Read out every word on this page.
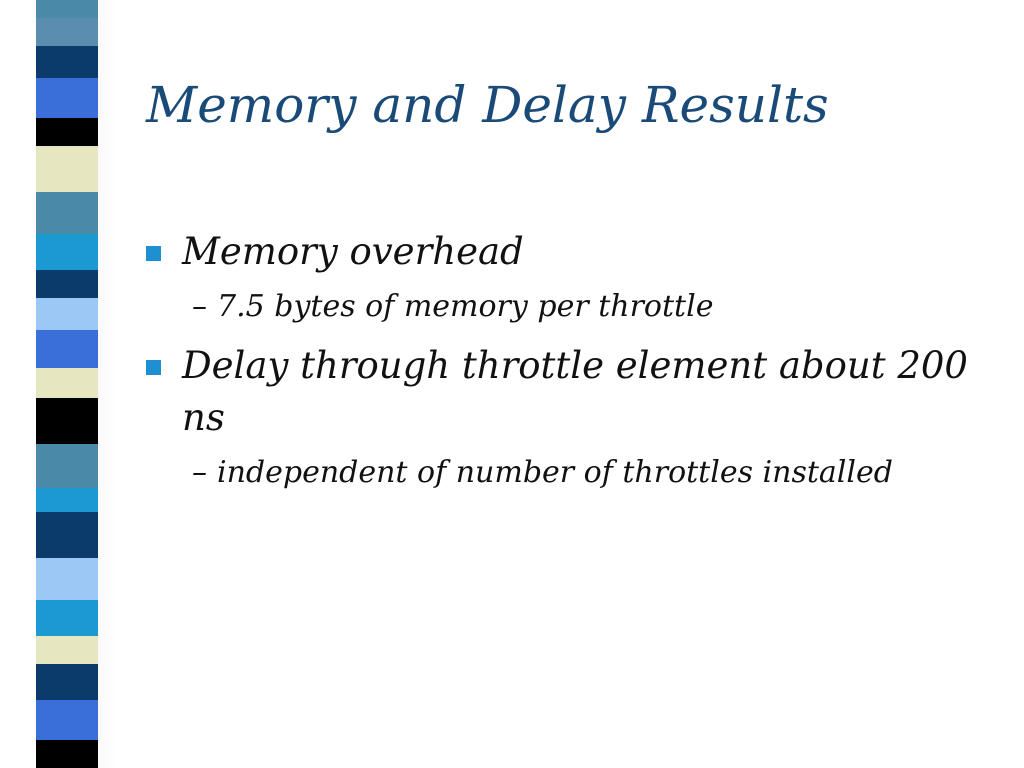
Memory and Delay Results

Memory overhead

– 7.5 bytes of memory per throttle

Delay through throttle element about 200 ns

– independent of number of throttles installed
